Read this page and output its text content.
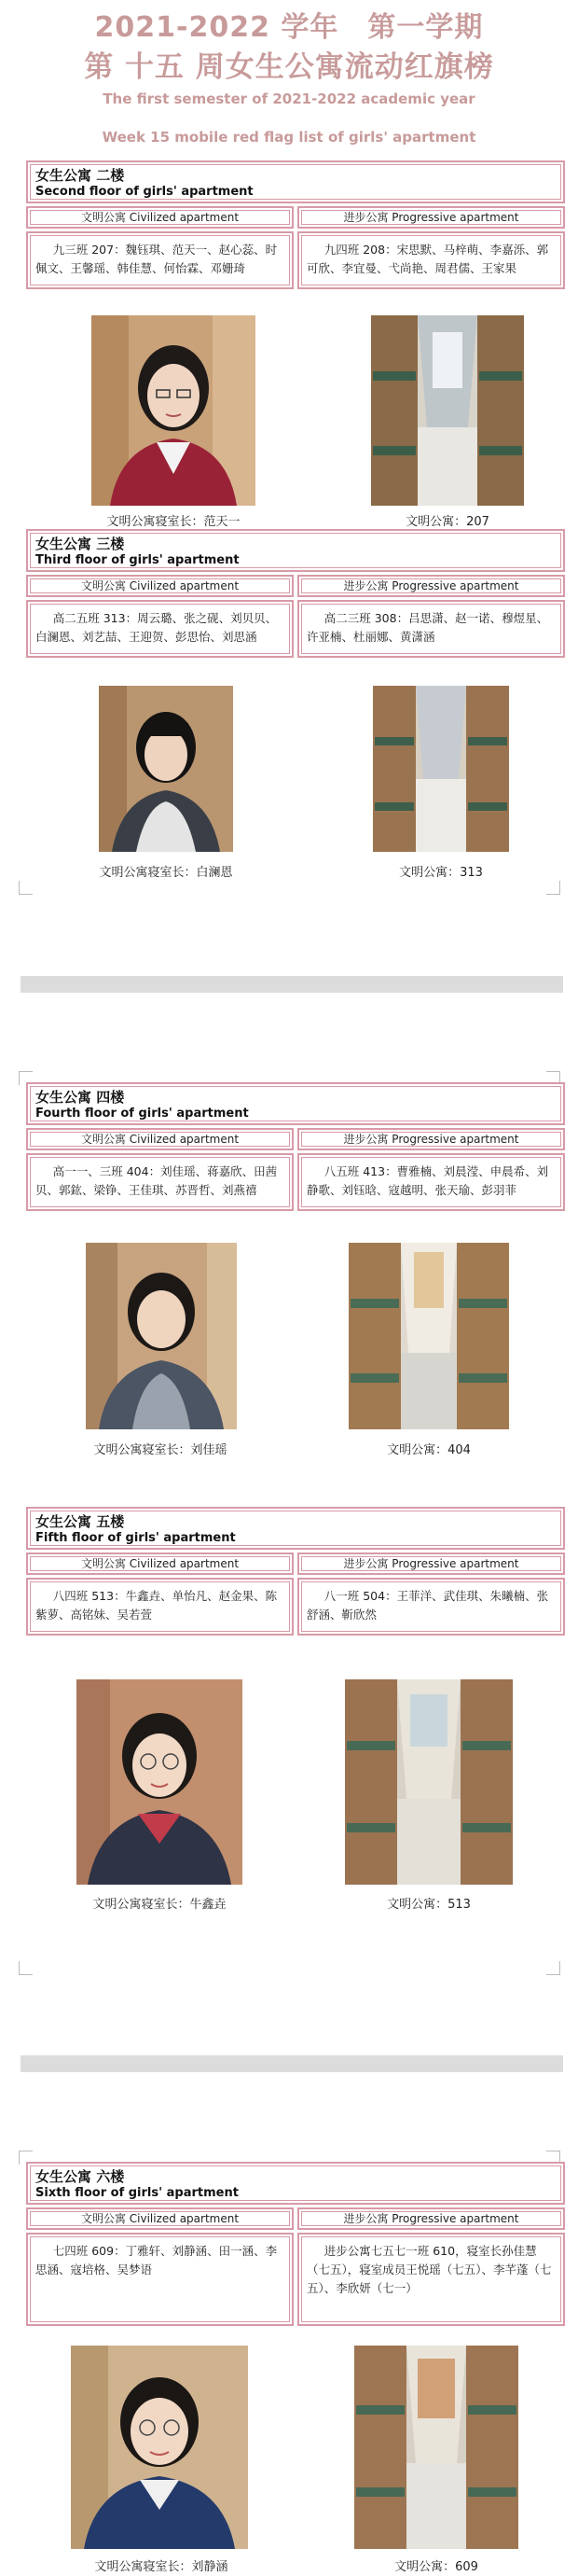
2021-2022 学年　第一学期
第 十五 周女生公寓流动红旗榜
The first semester of 2021-2022 academic year
Week 15 mobile red flag list of girls' apartment
女生公寓 二楼
Second floor of girls' apartment
文明公寓 Civilized apartment
九三班 207：魏钰琪、范天一、赵心蕊、时佩文、王馨瑶、韩佳慧、何怡霖、邓姗琦
进步公寓 Progressive apartment
九四班 208：宋思默、马梓萌、李嘉泺、郭可欣、李宜曼、弋尚艳、周君儒、王家果
文明公寓寝室长：范天一	文明公寓：207
女生公寓 三楼
Third floor of girls' apartment
文明公寓 Civilized apartment
高二五班 313：周云璐、张之砚、刘贝贝、白澜恩、刘艺喆、王迎贺、彭思怡、刘思涵
进步公寓 Progressive apartment
高二三班 308：吕思潇、赵一诺、穆煜星、许亚楠、杜丽娜、黄潇涵
文明公寓寝室长：白澜恩	文明公寓：313
女生公寓 四楼
Fourth floor of girls' apartment
文明公寓 Civilized apartment
高一一、三班 404：刘佳瑶、蒋嘉欣、田茜贝、郭鈜、梁铮、王佳琪、苏晋哲、刘燕禧
进步公寓 Progressive apartment
八五班 413：曹雅楠、刘晨滢、申晨希、刘静歌、刘钰晗、寇越明、张天瑜、彭羽菲
文明公寓寝室长：刘佳瑶	文明公寓：404
女生公寓 五楼
Fifth floor of girls' apartment
文明公寓 Civilized apartment
八四班 513：牛鑫垚、单怡凡、赵金果、陈紫萝、高铭妹、吴若萱
进步公寓 Progressive apartment
八一班 504：王菲洋、武佳琪、朱曦楠、张舒涵、靳欣然
文明公寓寝室长：牛鑫垚	文明公寓：513
女生公寓 六楼
Sixth floor of girls' apartment
文明公寓 Civilized apartment
七四班 609：丁雅轩、刘静涵、田一涵、李思涵、寇培格、吴梦语
进步公寓 Progressive apartment
进步公寓七五七一班 610，寝室长孙佳慧（七五），寝室成员王悦瑶（七五）、李芊蓬（七五）、李欣妍（七一）
文明公寓寝室长：刘静涵	文明公寓：609
